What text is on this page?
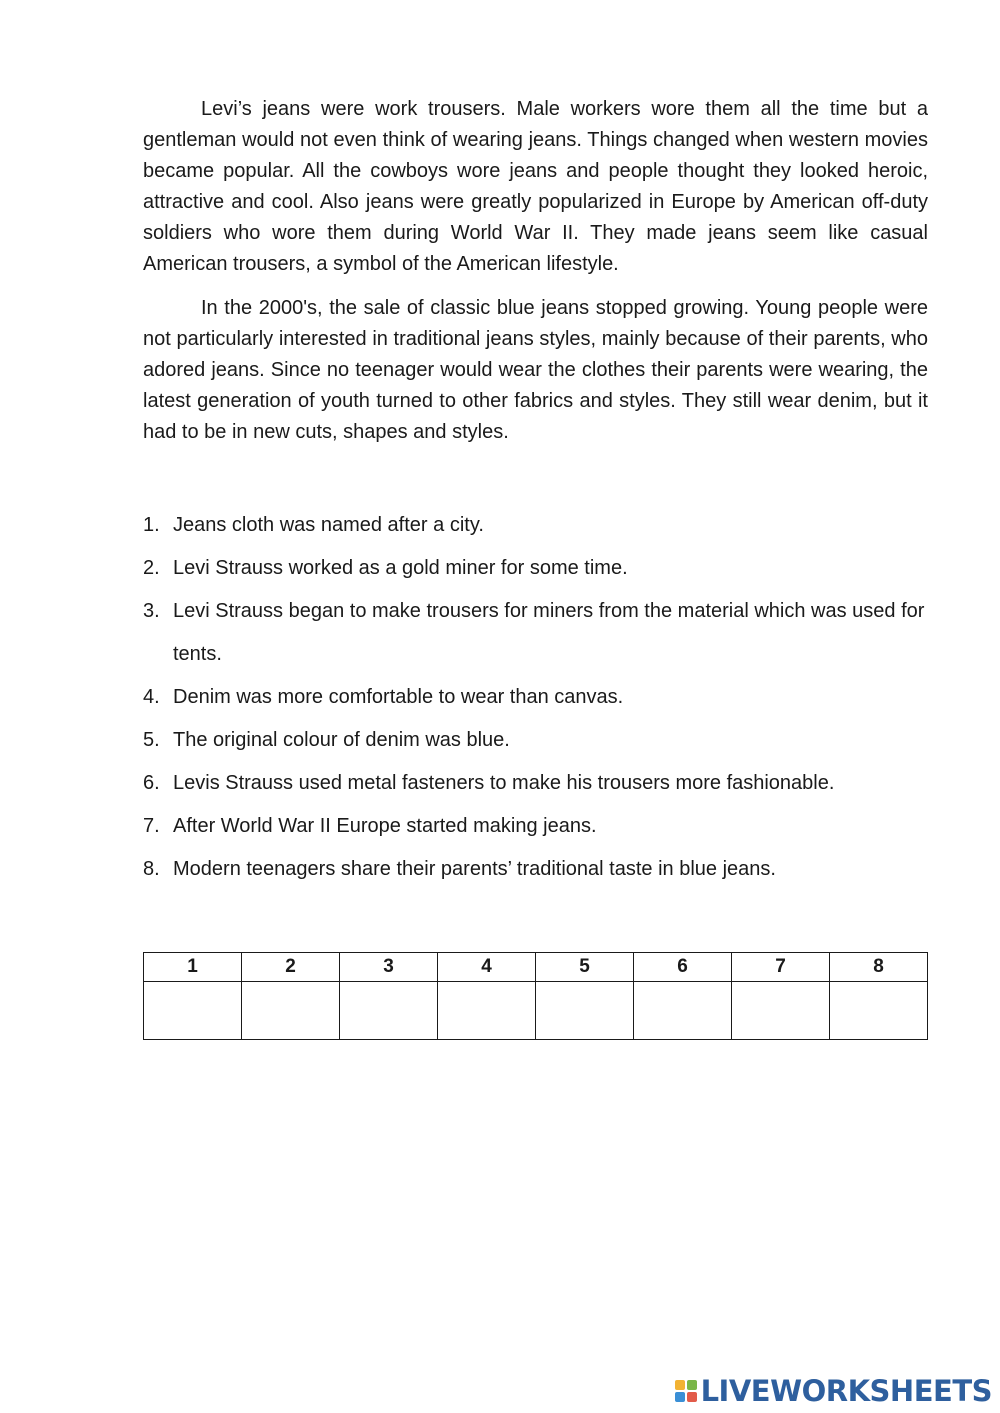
Levi’s jeans were work trousers. Male workers wore them all the time but a gentleman would not even think of wearing jeans. Things changed when western movies became popular. All the cowboys wore jeans and people thought they looked heroic, attractive and cool. Also jeans were greatly popularized in Europe by American off-duty soldiers who wore them during World War II. They made jeans seem like casual American trousers, a symbol of the American lifestyle.

In the 2000's, the sale of classic blue jeans stopped growing. Young people were not particularly interested in traditional jeans styles, mainly because of their parents, who adored jeans. Since no teenager would wear the clothes their parents were wearing, the latest generation of youth turned to other fabrics and styles. They still wear denim, but it had to be in new cuts, shapes and styles.

1. Jeans cloth was named after a city.
2. Levi Strauss worked as a gold miner for some time.
3. Levi Strauss began to make trousers for miners from the material which was used for tents.
4. Denim was more comfortable to wear than canvas.
5. The original colour of denim was blue.
6. Levis Strauss used metal fasteners to make his trousers more fashionable.
7. After World War II Europe started making jeans.
8. Modern teenagers share their parents’ traditional taste in blue jeans.
1	2	3	4	5	6	7	8

LIVEWORKSHEETS
